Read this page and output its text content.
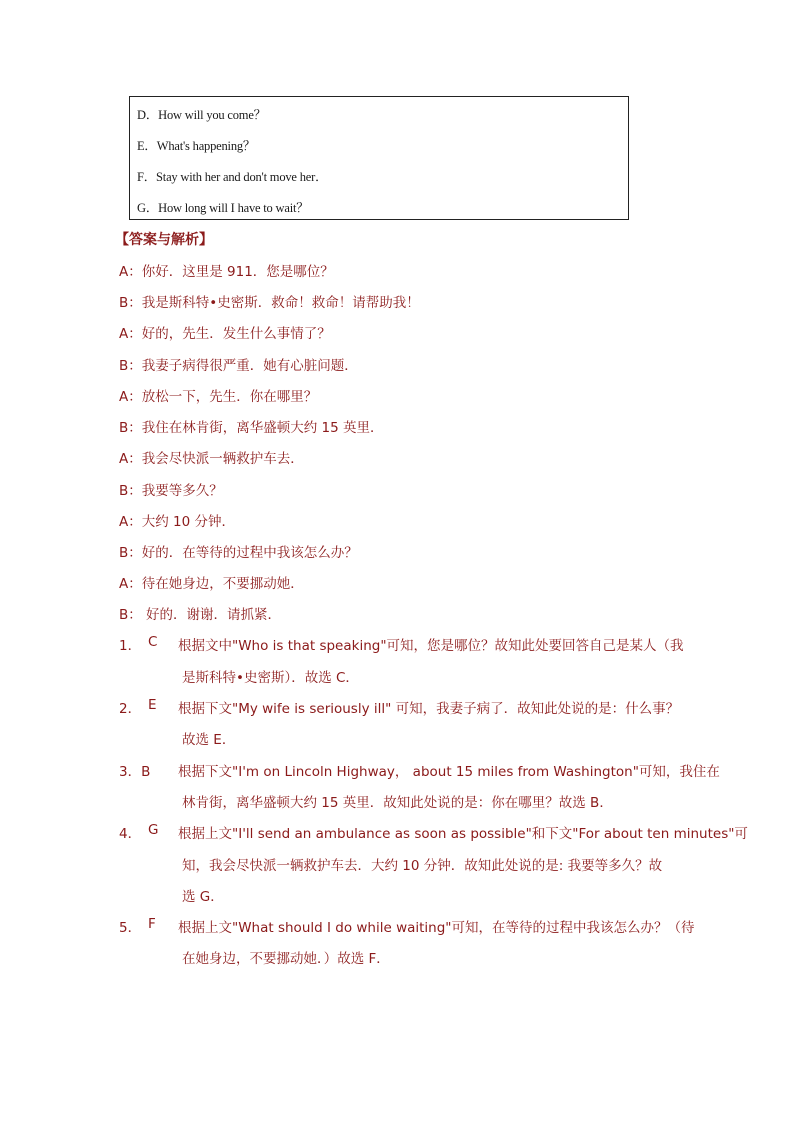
D．How will you come？
E．What's happening？
F．Stay with her and don't move her．
G．How long will I have to wait？
【答案与解析】
A：你好．这里是 911．您是哪位？
B：我是斯科特•史密斯．救命！救命！请帮助我！
A：好的，先生．发生什么事情了？
B：我妻子病得很严重．她有心脏问题．
A：放松一下，先生．你在哪里？
B：我住在林肯街，离华盛顿大约 15 英里．
A：我会尽快派一辆救护车去．
B：我要等多久？
A：大约 10 分钟．
B：好的．在等待的过程中我该怎么办？
A：待在她身边，不要挪动她．
B： 好的．谢谢．请抓紧．
1． C 根据文中"Who is that speaking"可知，您是哪位？故知此处要回答自己是某人（我
是斯科特•史密斯）．故选 C．
2． E 根据下文"My wife is seriously ill" 可知，我妻子病了．故知此处说的是：什么事？
故选 E．
3．B 根据下文"I'm on Lincoln Highway， about 15 miles from Washington"可知，我住在
林肯街，离华盛顿大约 15 英里．故知此处说的是：你在哪里？故选 B．
4． G 根据上文"I'll send an ambulance as soon as possible"和下文"For about ten minutes"可
知，我会尽快派一辆救护车去．大约 10 分钟．故知此处说的是: 我要等多久？故
选 G．
5． F 根据上文"What should I do while waiting"可知，在等待的过程中我该怎么办？（待
在她身边，不要挪动她．）故选 F．
